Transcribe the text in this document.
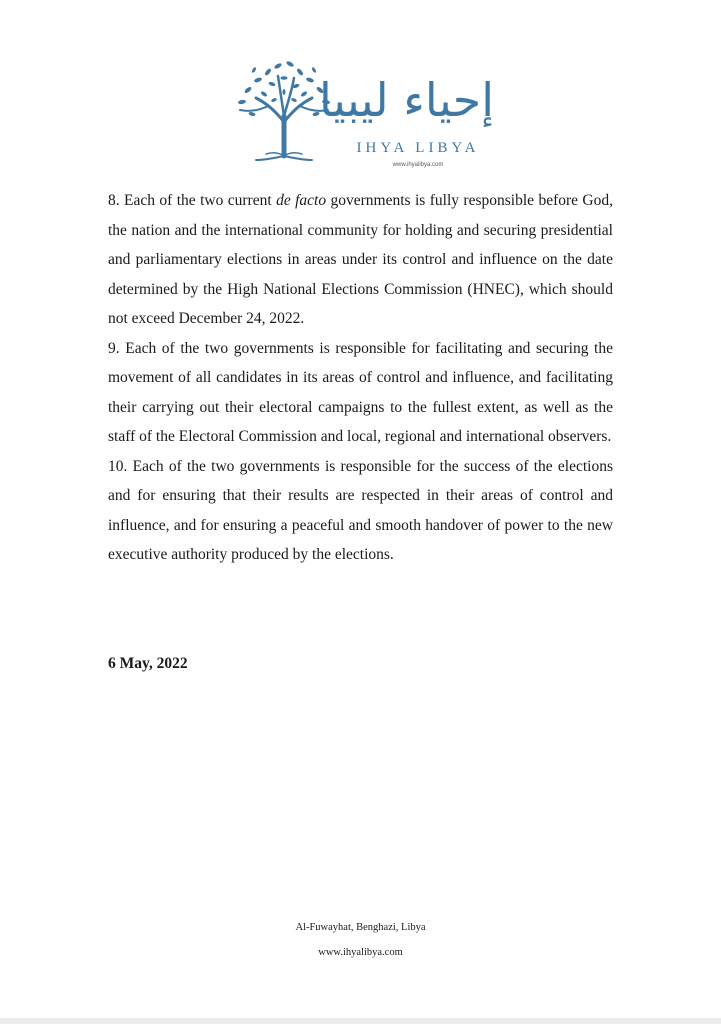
إحياء ليبيا
IHYA LIBYA
www.ihyalibya.com

8. Each of the two current de facto governments is fully responsible before God, the nation and the international community for holding and securing presidential and parliamentary elections in areas under its control and influence on the date determined by the High National Elections Commission (HNEC), which should not exceed December 24, 2022.

9. Each of the two governments is responsible for facilitating and securing the movement of all candidates in its areas of control and influence, and facilitating their carrying out their electoral campaigns to the fullest extent, as well as the staff of the Electoral Commission and local, regional and international observers.

10. Each of the two governments is responsible for the success of the elections and for ensuring that their results are respected in their areas of control and influence, and for ensuring a peaceful and smooth handover of power to the new executive authority produced by the elections.

6 May, 2022
Al-Fuwayhat, Benghazi, Libya
www.ihyalibya.com
